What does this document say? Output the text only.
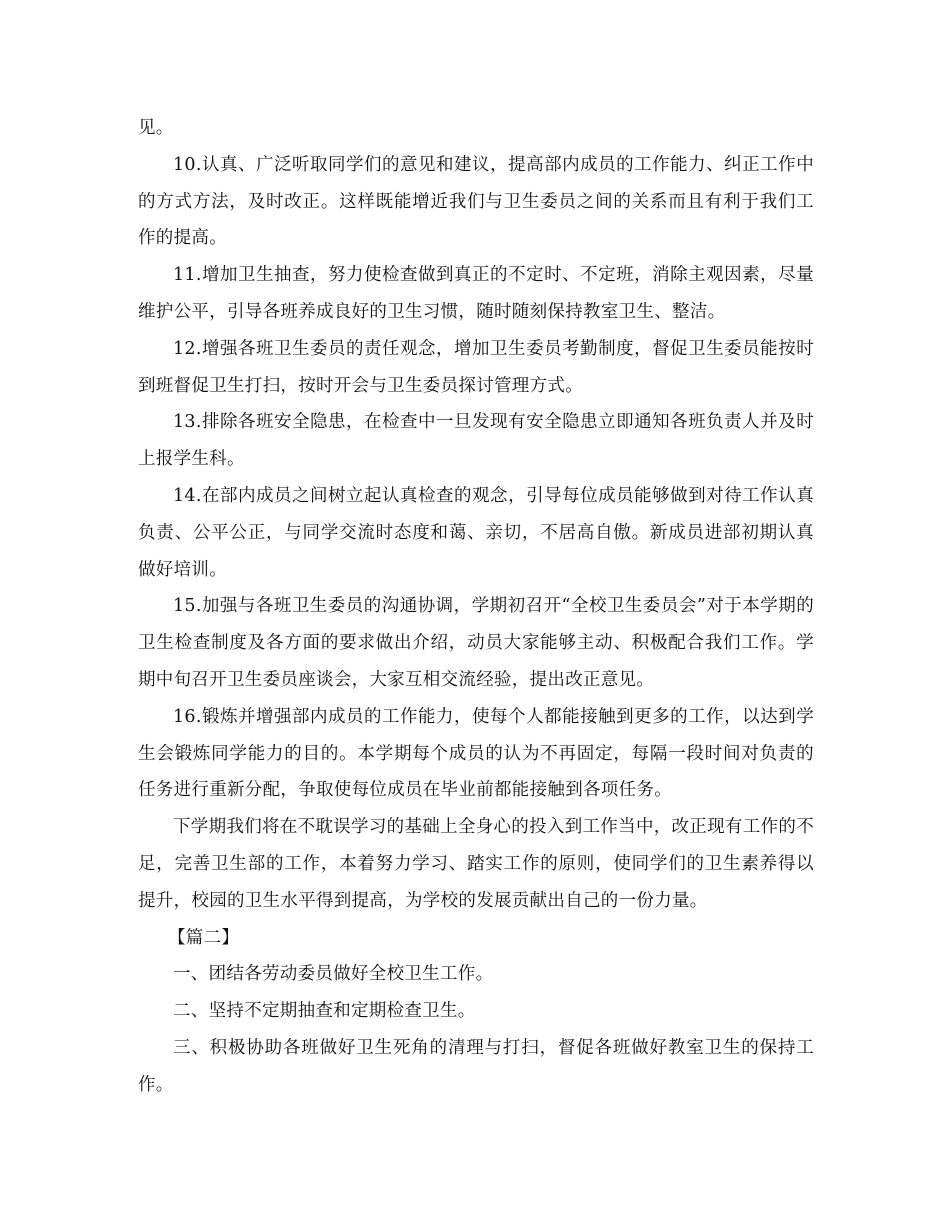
见。

10.认真、广泛听取同学们的意见和建议，提高部内成员的工作能力、纠正工作中的方式方法，及时改正。这样既能增近我们与卫生委员之间的关系而且有利于我们工作的提高。

11.增加卫生抽查，努力使检查做到真正的不定时、不定班，消除主观因素，尽量维护公平，引导各班养成良好的卫生习惯，随时随刻保持教室卫生、整洁。

12.增强各班卫生委员的责任观念，增加卫生委员考勤制度，督促卫生委员能按时到班督促卫生打扫，按时开会与卫生委员探讨管理方式。

13.排除各班安全隐患，在检查中一旦发现有安全隐患立即通知各班负责人并及时上报学生科。

14.在部内成员之间树立起认真检查的观念，引导每位成员能够做到对待工作认真负责、公平公正，与同学交流时态度和蔼、亲切，不居高自傲。新成员进部初期认真做好培训。

15.加强与各班卫生委员的沟通协调，学期初召开“全校卫生委员会”对于本学期的卫生检查制度及各方面的要求做出介绍，动员大家能够主动、积极配合我们工作。学期中旬召开卫生委员座谈会，大家互相交流经验，提出改正意见。

16.锻炼并增强部内成员的工作能力，使每个人都能接触到更多的工作，以达到学生会锻炼同学能力的目的。本学期每个成员的认为不再固定，每隔一段时间对负责的任务进行重新分配，争取使每位成员在毕业前都能接触到各项任务。

下学期我们将在不耽误学习的基础上全身心的投入到工作当中，改正现有工作的不足，完善卫生部的工作，本着努力学习、踏实工作的原则，使同学们的卫生素养得以提升，校园的卫生水平得到提高，为学校的发展贡献出自己的一份力量。

【篇二】

一、团结各劳动委员做好全校卫生工作。

二、坚持不定期抽查和定期检查卫生。

三、积极协助各班做好卫生死角的清理与打扫，督促各班做好教室卫生的保持工作。
